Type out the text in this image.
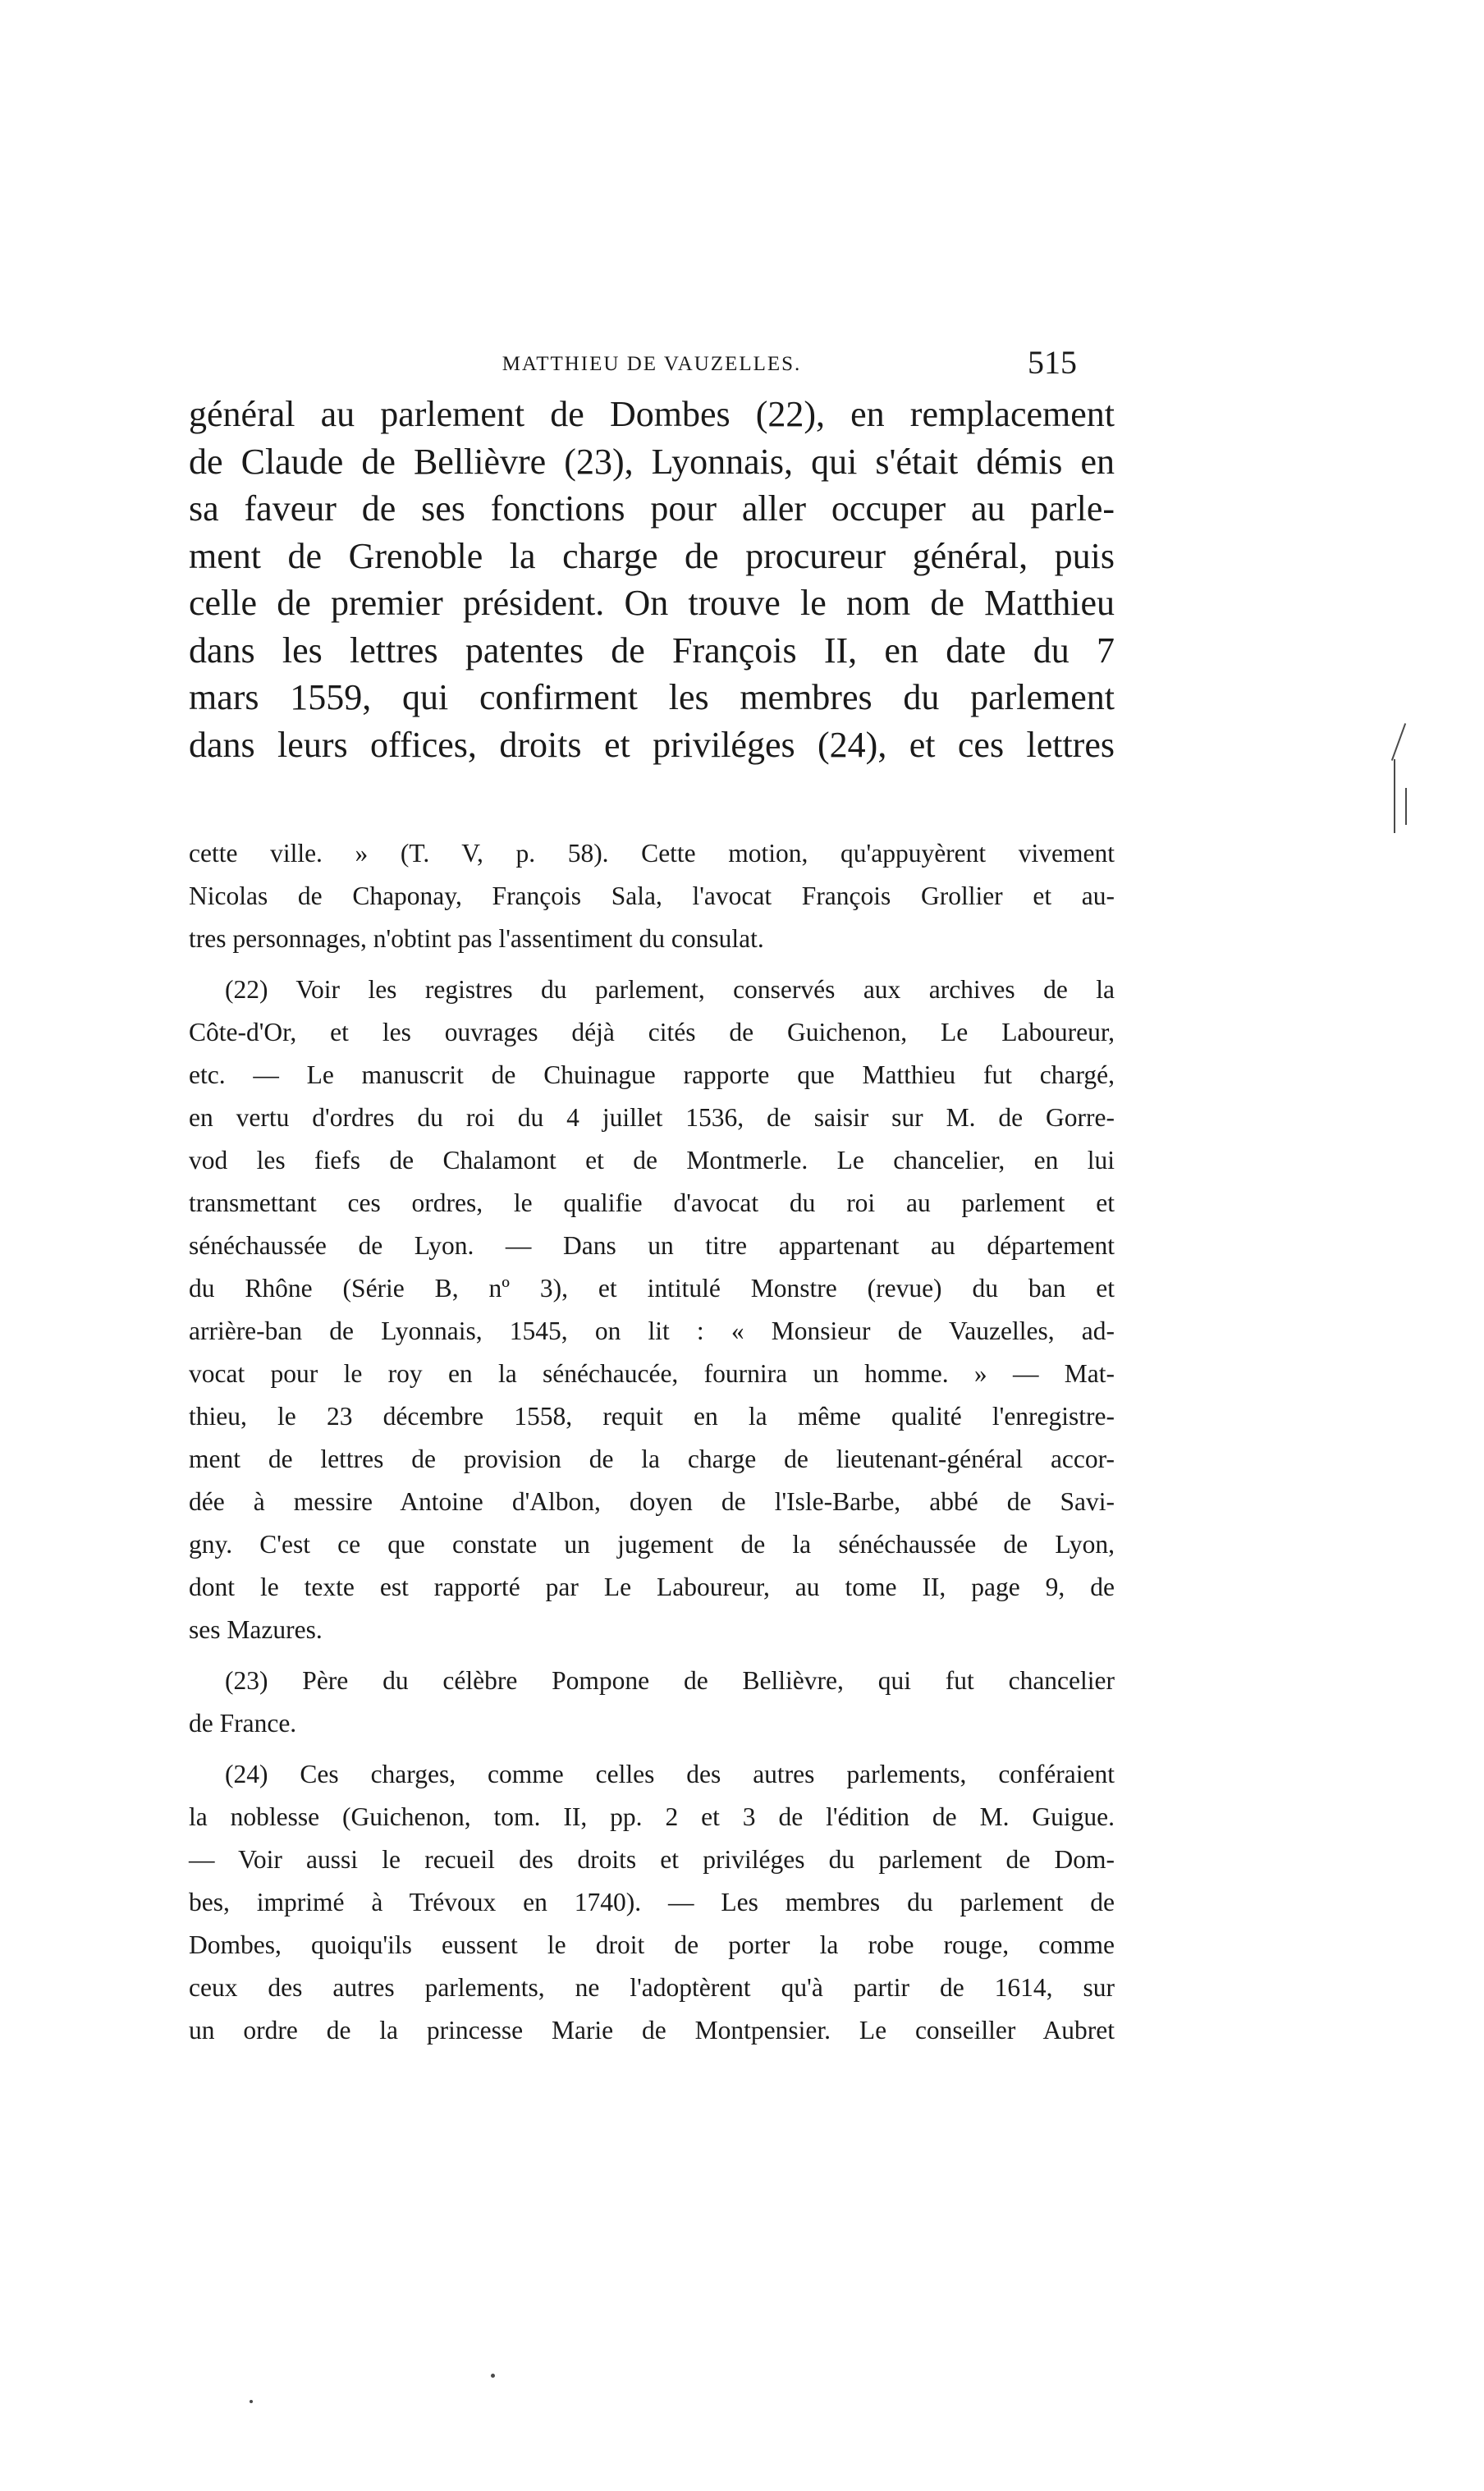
MATTHIEU DE VAUZELLES.	515
général au parlement de Dombes (22), en remplacement
de Claude de Bellièvre (23), Lyonnais, qui s'était démis en
sa faveur de ses fonctions pour aller occuper au parle-
ment de Grenoble la charge de procureur général, puis
celle de premier président. On trouve le nom de Matthieu
dans les lettres patentes de François II, en date du 7
mars 1559, qui confirment les membres du parlement
dans leurs offices, droits et priviléges (24), et ces lettres
cette ville. » (T. V, p. 58). Cette motion, qu'appuyèrent vivement
Nicolas de Chaponay, François Sala, l'avocat François Grollier et au-
tres personnages, n'obtint pas l'assentiment du consulat.
(22) Voir les registres du parlement, conservés aux archives de la
Côte-d'Or, et les ouvrages déjà cités de Guichenon, Le Laboureur,
etc. — Le manuscrit de Chuinague rapporte que Matthieu fut chargé,
en vertu d'ordres du roi du 4 juillet 1536, de saisir sur M. de Gorre-
vod les fiefs de Chalamont et de Montmerle. Le chancelier, en lui
transmettant ces ordres, le qualifie d'avocat du roi au parlement et
sénéchaussée de Lyon. — Dans un titre appartenant au département
du Rhône (Série B, nº 3), et intitulé Monstre (revue) du ban et
arrière-ban de Lyonnais, 1545, on lit : « Monsieur de Vauzelles, ad-
vocat pour le roy en la sénéchaucée, fournira un homme. » — Mat-
thieu, le 23 décembre 1558, requit en la même qualité l'enregistre-
ment de lettres de provision de la charge de lieutenant-général accor-
dée à messire Antoine d'Albon, doyen de l'Isle-Barbe, abbé de Savi-
gny. C'est ce que constate un jugement de la sénéchaussée de Lyon,
dont le texte est rapporté par Le Laboureur, au tome II, page 9, de
ses Mazures.
(23) Père du célèbre Pompone de Bellièvre, qui fut chancelier
de France.
(24) Ces charges, comme celles des autres parlements, conféraient
la noblesse (Guichenon, tom. II, pp. 2 et 3 de l'édition de M. Guigue.
— Voir aussi le recueil des droits et priviléges du parlement de Dom-
bes, imprimé à Trévoux en 1740). — Les membres du parlement de
Dombes, quoiqu'ils eussent le droit de porter la robe rouge, comme
ceux des autres parlements, ne l'adoptèrent qu'à partir de 1614, sur
un ordre de la princesse Marie de Montpensier. Le conseiller Aubret
